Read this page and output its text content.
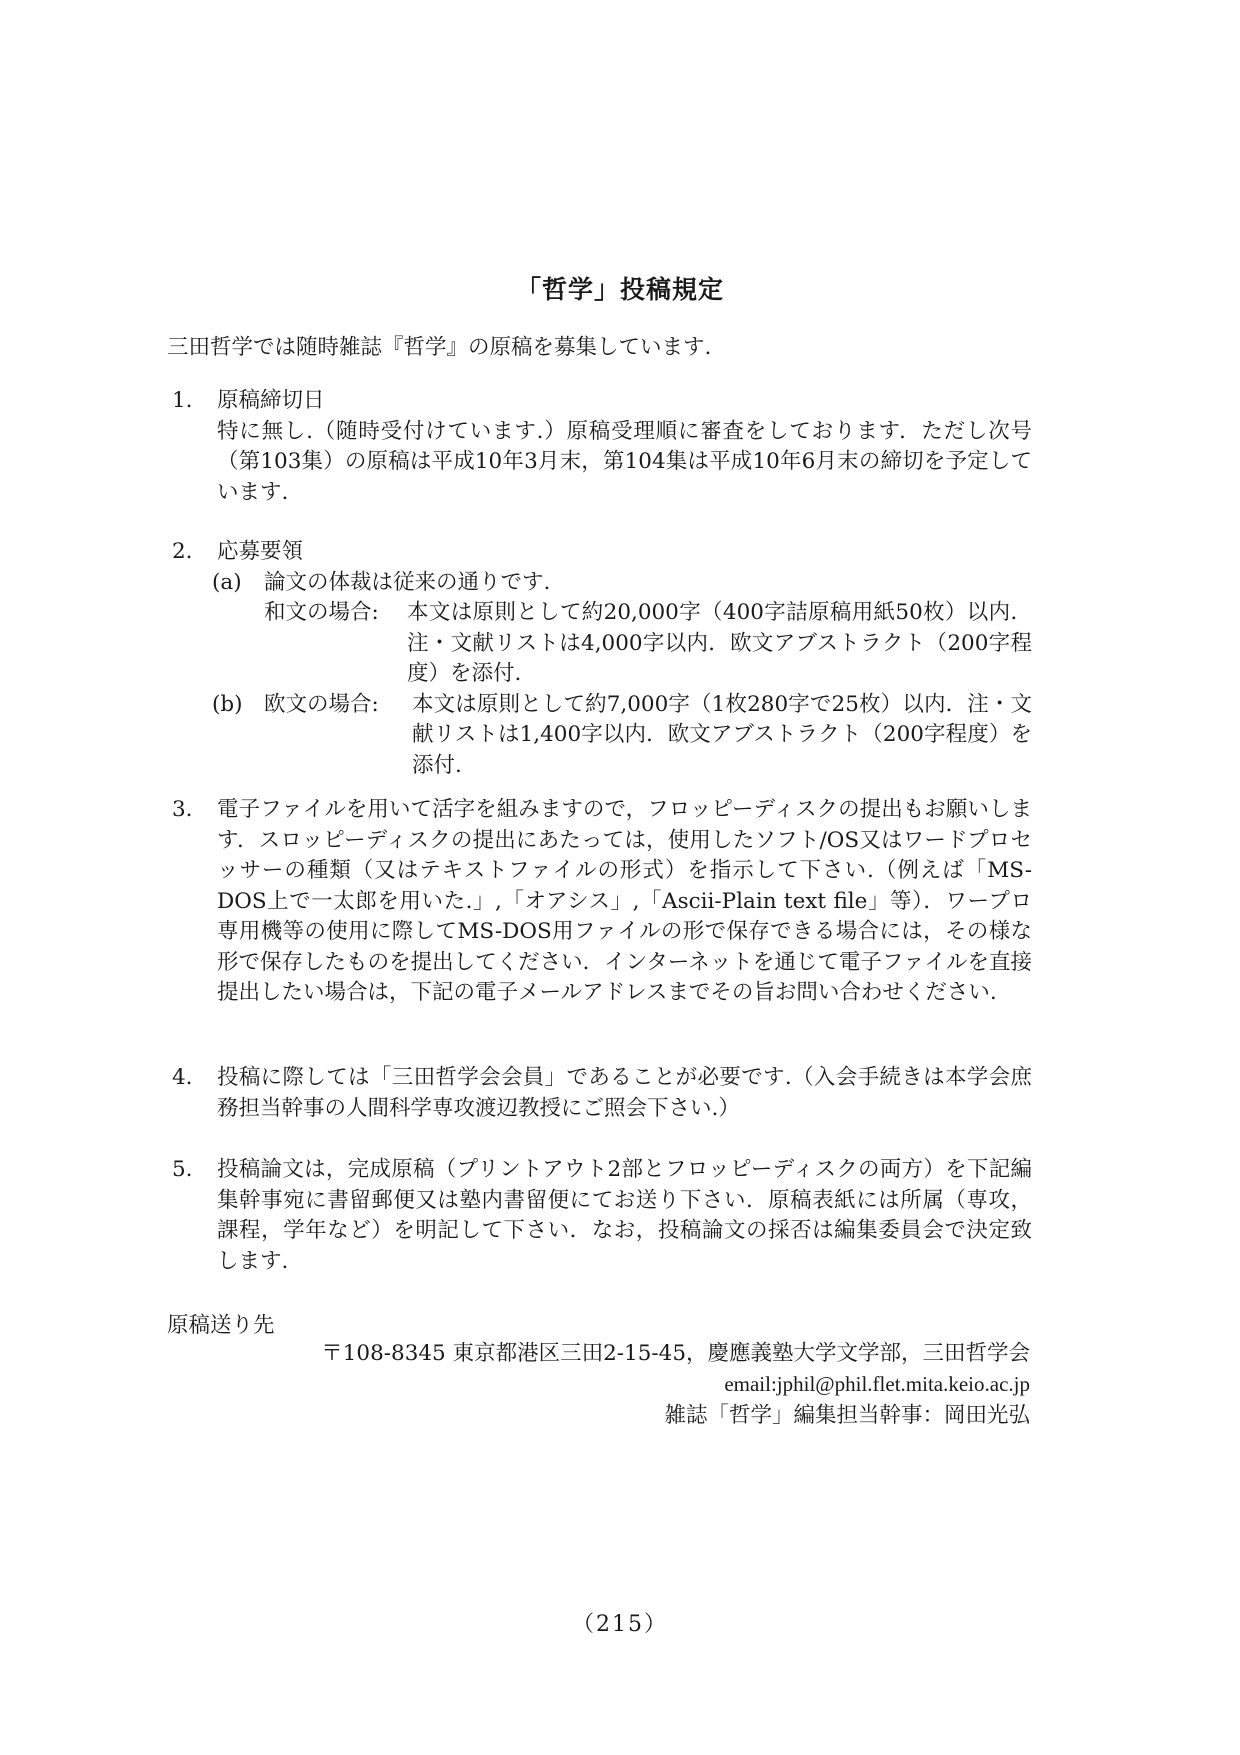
「哲学」投稿規定
三田哲学では随時雑誌『哲学』の原稿を募集しています.
1.	原稿締切日
特に無し.（随時受付けています.）原稿受理順に審査をしております．ただし次号（第103集）の原稿は平成10年3月末，第104集は平成10年6月末の締切を予定しています.
2.	応募要領
(a) 論文の体裁は従来の通りです.
和文の場合: 本文は原則として約20,000字（400字詰原稿用紙50枚）以内．注・文献リストは4,000字以内．欧文アブストラクト（200字程度）を添付.
(b) 欧文の場合: 本文は原則として約7,000字（1枚280字で25枚）以内．注・文献リストは1,400字以内．欧文アブストラクト（200字程度）を添付.
3.	電子ファイルを用いて活字を組みますので，フロッピーディスクの提出もお願いします．スロッピーディスクの提出にあたっては，使用したソフト/OS又はワードプロセッサーの種類（又はテキストファイルの形式）を指示して下さい.（例えば「MS-DOS上で一太郎を用いた.」,「オアシス」,「Ascii-Plain text file」等）．ワープロ専用機等の使用に際してMS-DOS用ファイルの形で保存できる場合には，その様な形で保存したものを提出してください．インターネットを通じて電子ファイルを直接提出したい場合は，下記の電子メールアドレスまでその旨お問い合わせください.
4.	投稿に際しては「三田哲学会会員」であることが必要です.（入会手続きは本学会庶務担当幹事の人間科学専攻渡辺教授にご照会下さい.）
5.	投稿論文は，完成原稿（プリントアウト2部とフロッピーディスクの両方）を下記編集幹事宛に書留郵便又は塾内書留便にてお送り下さい．原稿表紙には所属（専攻，課程，学年など）を明記して下さい．なお，投稿論文の採否は編集委員会で決定致します.
原稿送り先
〒108-8345 東京都港区三田2-15-45，慶應義塾大学文学部，三田哲学会
email:jphil@phil.flet.mita.keio.ac.jp
雑誌「哲学」編集担当幹事：岡田光弘
（215）
